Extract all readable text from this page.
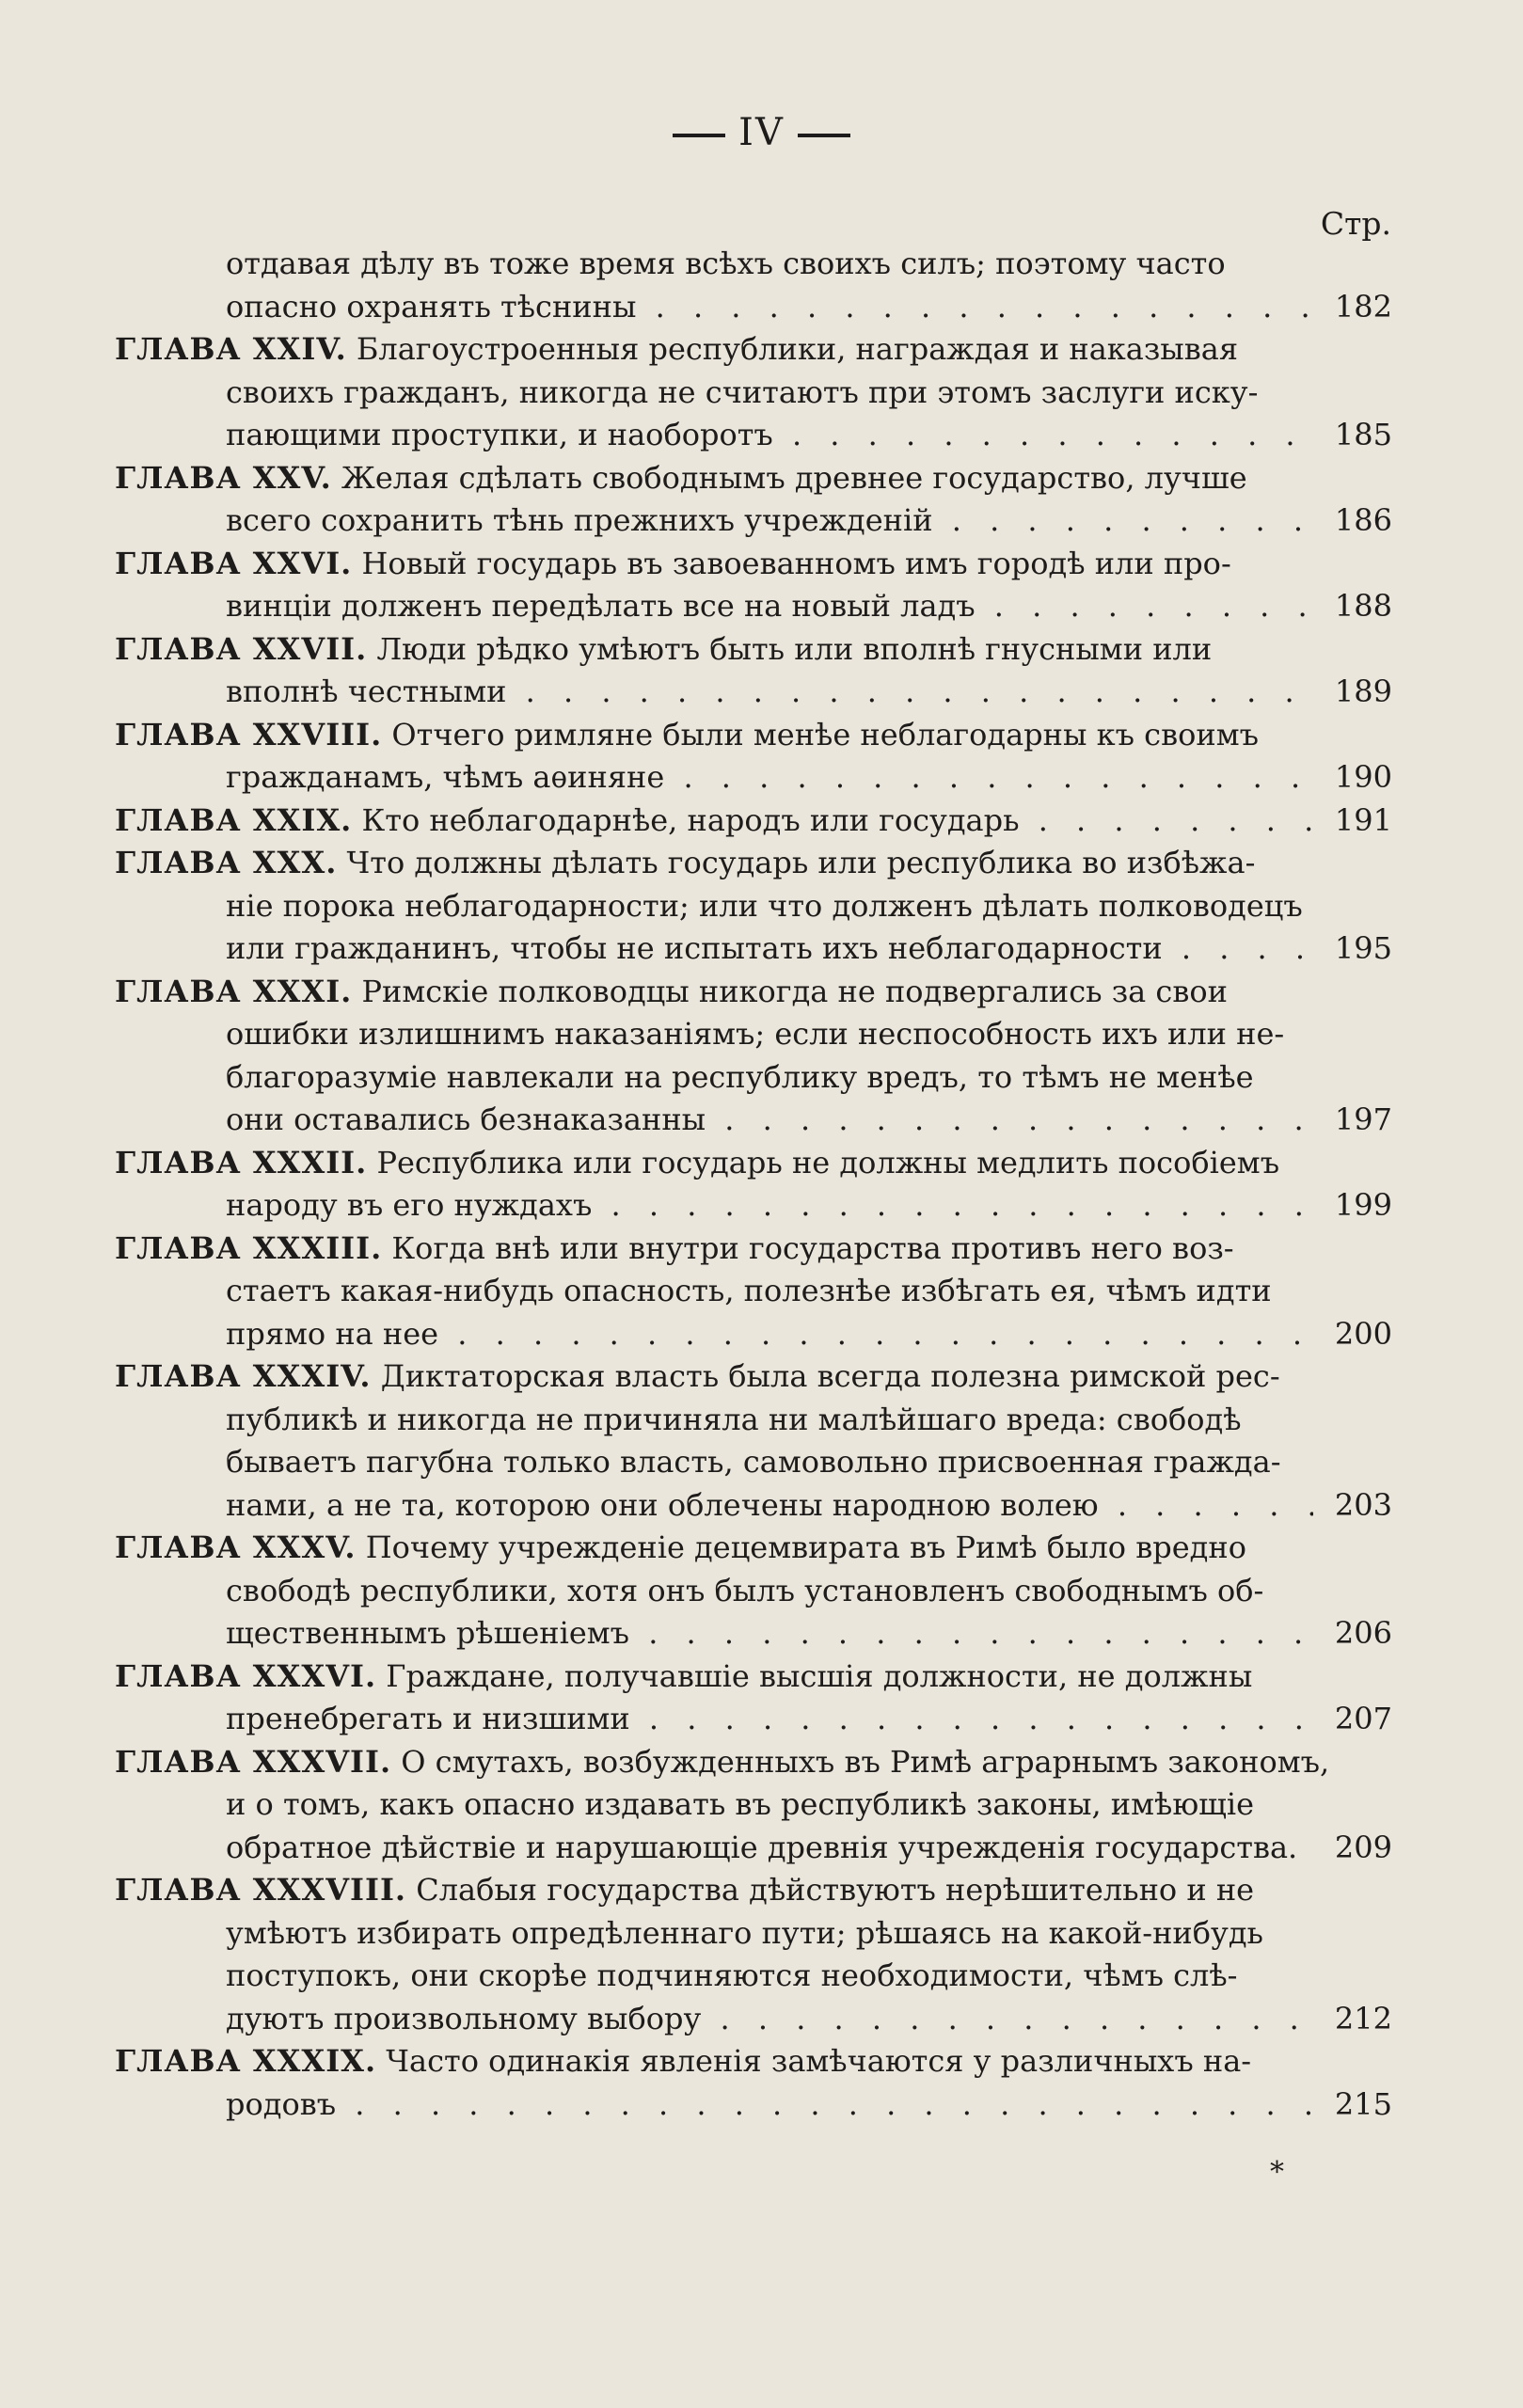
IV
Стр.
отдавая дѣлу въ тоже время всѣхъ своихъ силъ; поэтому часто
опасно охранять тѣснины . . .	182
ГЛАВА XXIV. Благоустроенныя республики, награждая и наказывая
своихъ гражданъ, никогда не считаютъ при этомъ заслуги иску-
пающими проступки, и наоборотъ . . .	185
ГЛАВА XXV. Желая сдѣлать свободнымъ древнее государство, лучше
всего сохранить тѣнь прежнихъ учрежденій . . .	186
ГЛАВА XXVI. Новый государь въ завоеванномъ имъ городѣ или про-
винціи долженъ передѣлать все на новый ладъ . . .	188
ГЛАВА XXVII. Люди рѣдко умѣютъ быть или вполнѣ гнусными или
вполнѣ честными . . .	189
ГЛАВА XXVIII. Отчего римляне были менѣе неблагодарны къ своимъ
гражданамъ, чѣмъ аѳиняне . . .	190
ГЛАВА XXIX. Кто неблагодарнѣе, народъ или государь . . .	191
ГЛАВА XXX. Что должны дѣлать государь или республика во избѣжа-
ніе порока неблагодарности; или что долженъ дѣлать полководецъ
или гражданинъ, чтобы не испытать ихъ неблагодарности . . .	195
ГЛАВА XXXI. Римскіе полководцы никогда не подвергались за свои
ошибки излишнимъ наказаніямъ; если неспособность ихъ или не-
благоразуміе навлекали на республику вредъ, то тѣмъ не менѣе
они оставались безнаказанны . . .	197
ГЛАВА XXXII. Республика или государь не должны медлить пособіемъ
народу въ его нуждахъ . . .	199
ГЛАВА XXXIII. Когда внѣ или внутри государства противъ него воз-
стаетъ какая-нибудь опасность, полезнѣе избѣгать ея, чѣмъ идти
прямо на нее . . .	200
ГЛАВА XXXIV. Диктаторская власть была всегда полезна римской рес-
публикѣ и никогда не причиняла ни малѣйшаго вреда: свободѣ
бываетъ пагубна только власть, самовольно присвоенная гражда-
нами, а не та, которою они облечены народною волею . . .	203
ГЛАВА XXXV. Почему учрежденіе децемвирата въ Римѣ было вредно
свободѣ республики, хотя онъ былъ установленъ свободнымъ об-
щественнымъ рѣшеніемъ . . .	206
ГЛАВА XXXVI. Граждане, получавшіе высшія должности, не должны
пренебрегать и низшими . . .	207
ГЛАВА XXXVII. О смутахъ, возбужденныхъ въ Римѣ аграрнымъ закономъ,
и о томъ, какъ опасно издавать въ республикѣ законы, имѣющіе
обратное дѣйствіе и нарушающіе древнія учрежденія государства. . . .	209
ГЛАВА XXXVIII. Слабыя государства дѣйствуютъ нерѣшительно и не
умѣютъ избирать опредѣленнаго пути; рѣшаясь на какой-нибудь
поступокъ, они скорѣе подчиняются необходимости, чѣмъ слѣ-
дуютъ произвольному выбору . . .	212
ГЛАВА XXXIX. Часто одинакія явленія замѣчаются у различныхъ на-
родовъ . . .	215
*
